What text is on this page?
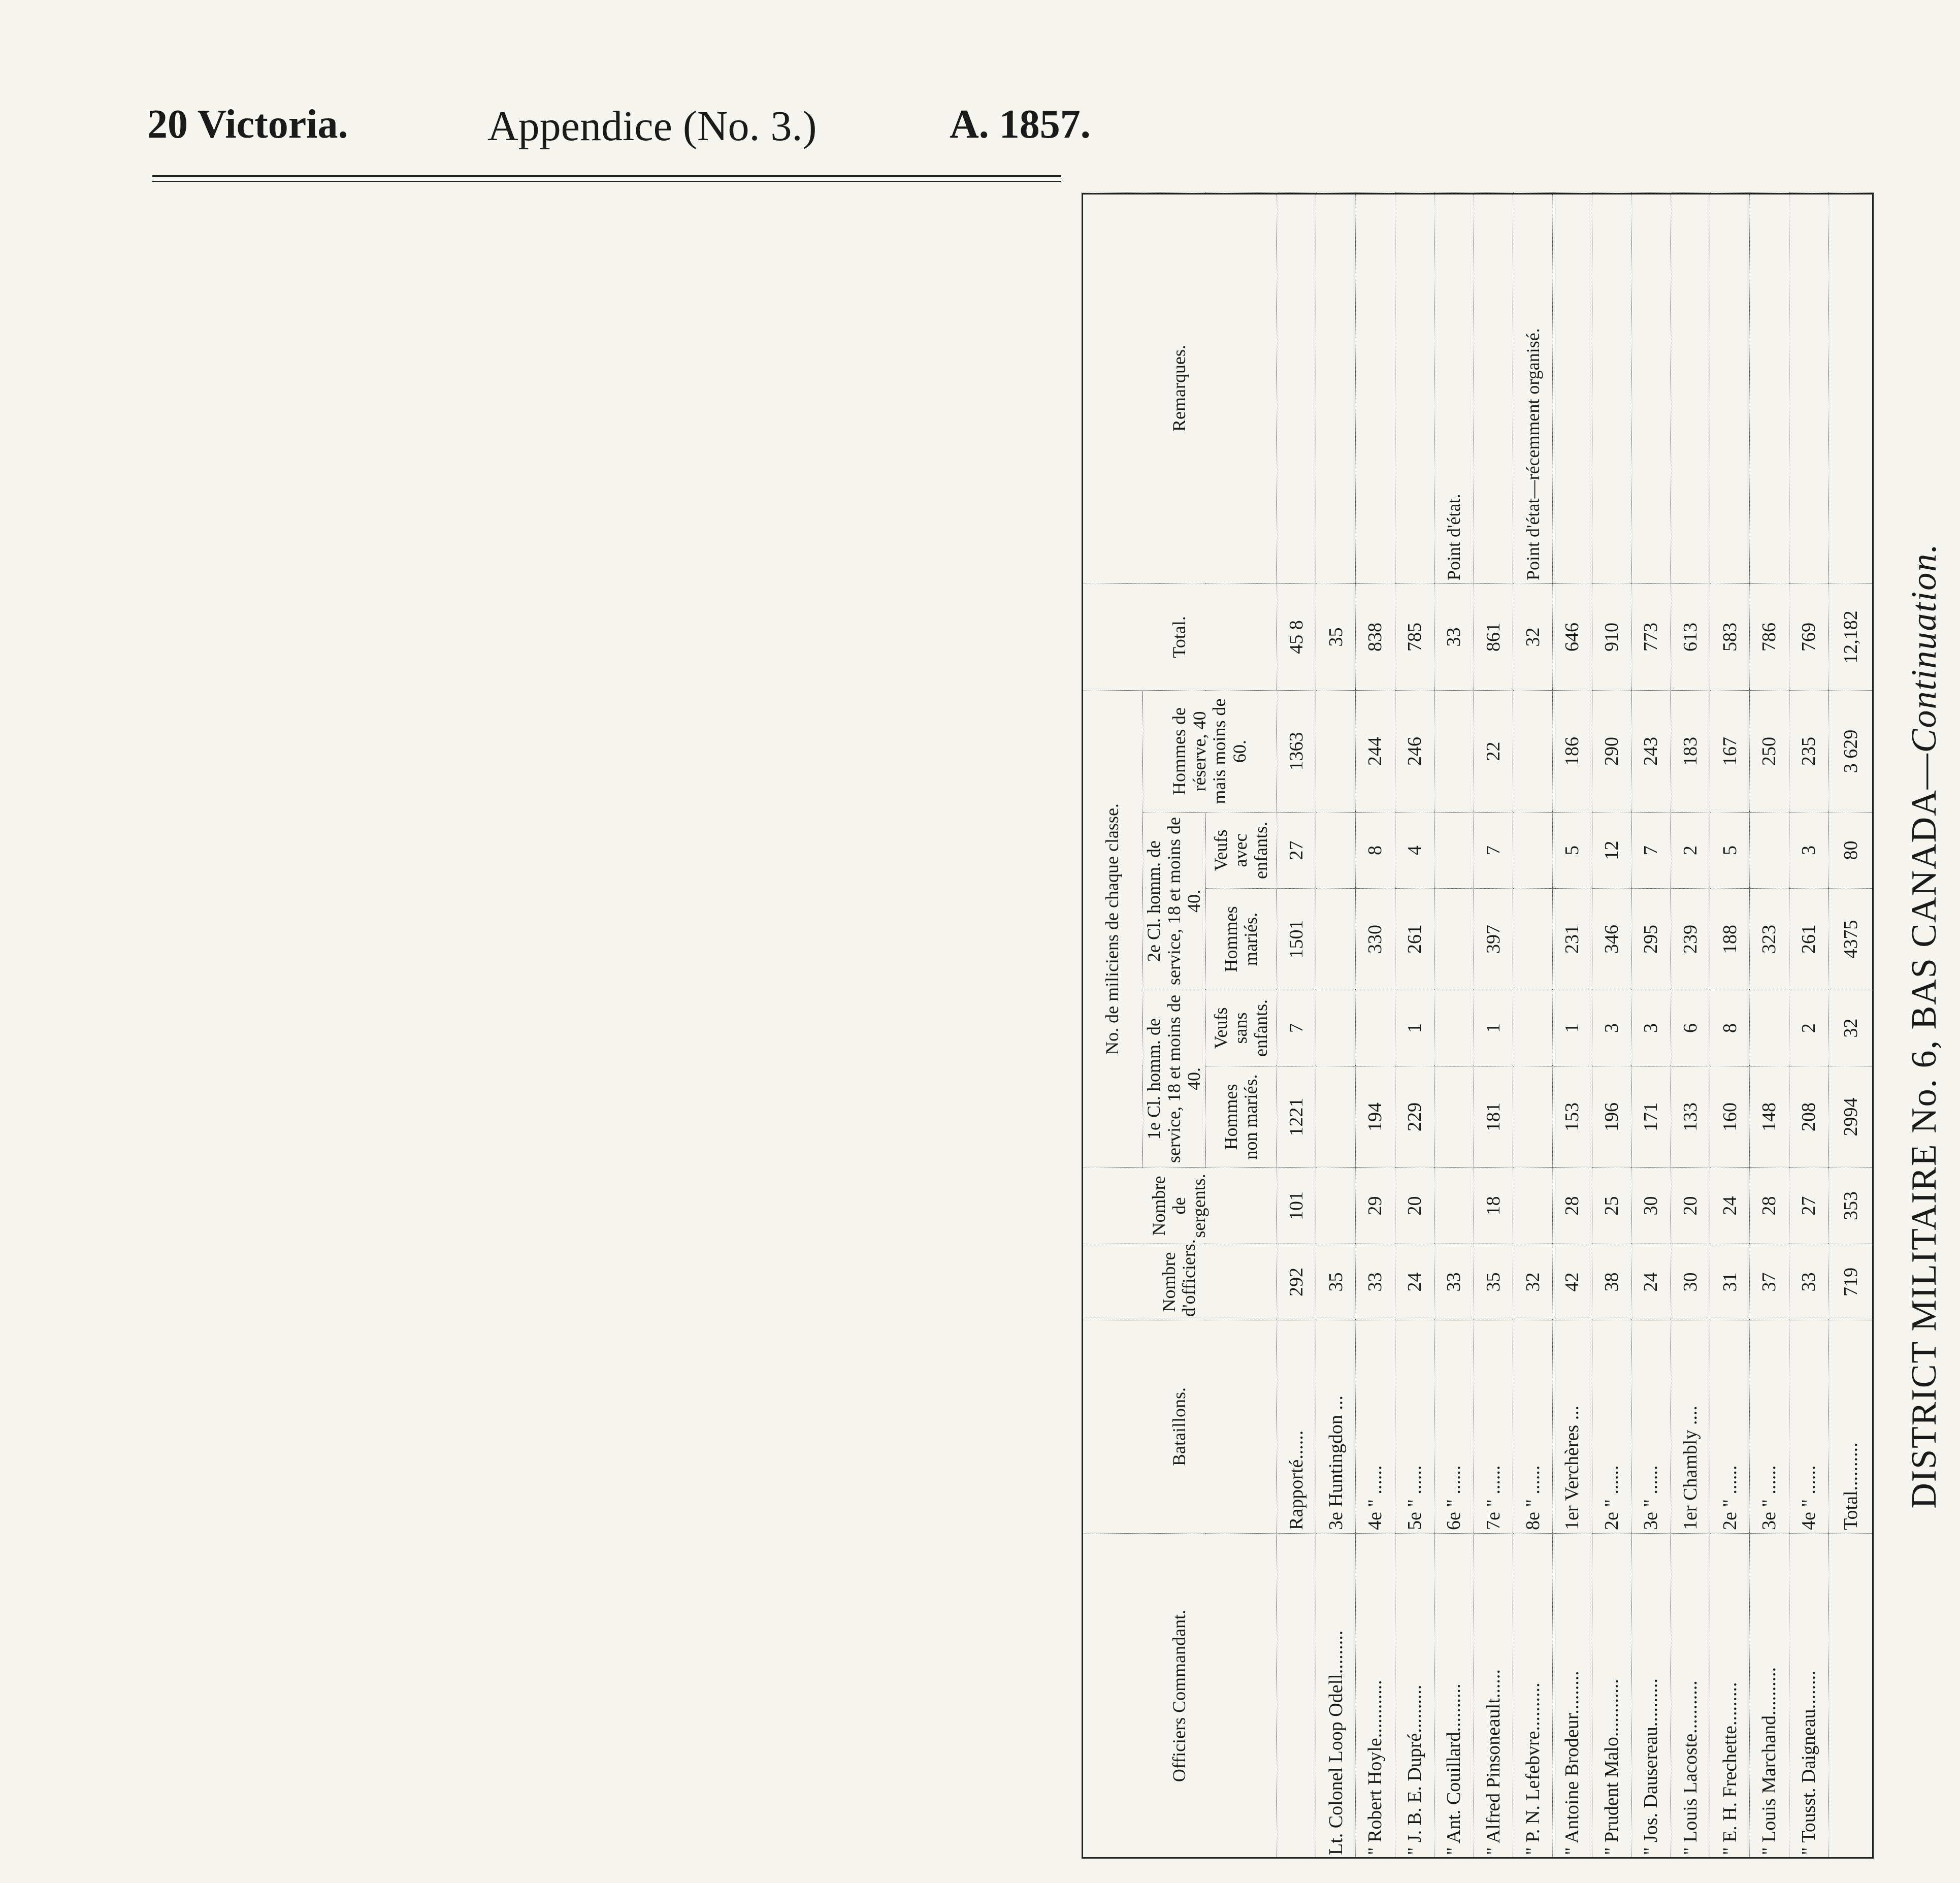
20 Victoria.	Appendice (No. 3.)	A. 1857.
DISTRICT MILITAIRE No. 6, BAS CANADA—Continuation.
Officiers Commandant.	Bataillons.	Nombre d'officiers.	Nombre de sergents.	No. de miliciens de chaque classe.					Total.	Remarques.
				1e Cl. homm. de service, 18 et moins de 40.		2e Cl. homm. de service, 18 et moins de 40.		Hommes de réserve, 40 mais moins de 60.		
				Hommes non mariés.	Veufs sans enfants.	Hommes mariés.	Veufs avec enfants.			
	Rapporté......	292	101	1221	7	1501	27	1363	45 8	
Lt. Colonel Loop Odell.........	3e Huntingdon ...	35							35	
" Robert Hoyle............	4e " ......	33	29	194		330	8	244	838	
" J. B. E. Dupré..........	5e " ......	24	20	229	1	261	4	246	785	
" Ant. Couillard..........	6e " ......	33							33	Point d'état.
" Alfred Pinsoneault......	7e " ......	35	18	181	1	397	7	22	861	
" P. N. Lefebvre..........	8e " ......	32							32	Point d'état—récemment organisé.
" Antoine Brodeur.........	1er Verchères ...	42	28	153	1	231	5	186	646	
" Prudent Malo............	2e " ......	38	25	196	3	346	12	290	910	
" Jos. Dausereau..........	3e " ......	24	30	171	3	295	7	243	773	
" Louis Lacoste...........	1er Chambly ....	30	20	133	6	239	2	183	613	
" E. H. Frechette.........	2e " ......	31	24	160	8	188	5	167	583	
" Louis Marchand..........	3e " ......	37	28	148		323		250	786	
" Tousst. Daigneau........	4e " ......	33	27	208	2	261	3	235	769	
	Total..........	719	353	2994	32	4375	80	3 629	12,182	
